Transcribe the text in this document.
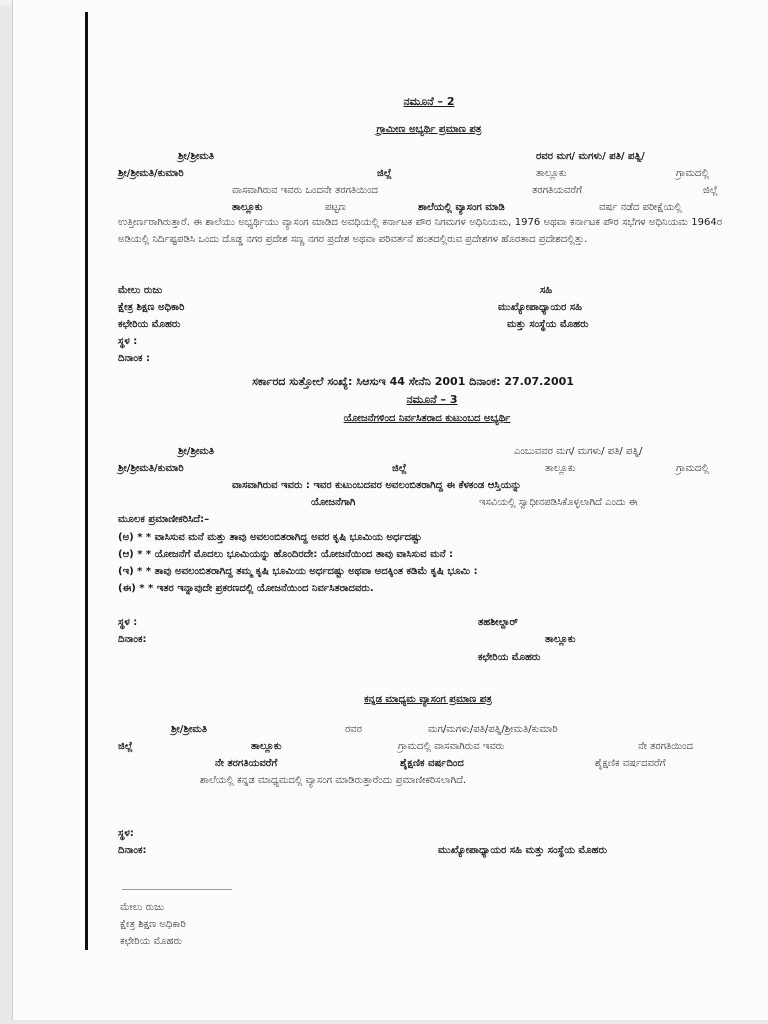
ನಮೂನೆ – 2
ಗ್ರಾಮೀಣ ಅಭ್ಯರ್ಥಿ ಪ್ರಮಾಣ ಪತ್ರ
ಶ್ರೀ/ಶ್ರೀಮತಿ	ರವರ ಮಗ/ ಮಗಳು/ ಪತಿ/ ಪತ್ನಿ/
ಶ್ರೀ/ಶ್ರೀಮತಿ/ಕುಮಾರಿ	ಜಿಲ್ಲೆ	ತಾಲ್ಲೂಕು	ಗ್ರಾಮದಲ್ಲಿ
ವಾಸವಾಗಿರುವ ಇವರು ಒಂದನೇ ತರಗತಿಯಿಂದ	ತರಗತಿಯವರೆಗೆ	ಜಿಲ್ಲೆ
ತಾಲ್ಲೂಕು	ಪಟ್ಟಣ	ಶಾಲೆಯಲ್ಲಿ ವ್ಯಾಸಂಗ ಮಾಡಿ	ವರ್ಷ ನಡೆದ ಪರೀಕ್ಷೆಯಲ್ಲಿ
ಉತ್ತೀರ್ಣರಾಗಿರುತ್ತಾರೆ. ಈ ಶಾಲೆಯು ಅಭ್ಯರ್ಥಿಯು ವ್ಯಾಸಂಗ ಮಾಡಿದ ಅವಧಿಯಲ್ಲಿ ಕರ್ನಾಟಕ ಪೌರ ನಿಗಮಗಳ ಅಧಿನಿಯಮ, 1976 ಅಥವಾ ಕರ್ನಾಟಕ ಪೌರ ಸಭೆಗಳ ಅಧಿನಿಯಮ 1964ರ ಅಡಿಯಲ್ಲಿ ನಿರ್ದಿಷ್ಟಪಡಿಸಿ ಒಂದು ದೊಡ್ಡ ನಗರ ಪ್ರದೇಶ ಸಣ್ಣ ನಗರ ಪ್ರದೇಶ ಅಥವಾ ಪರಿವರ್ತನೆ ಹಂತದಲ್ಲಿರುವ ಪ್ರದೇಶಗಳ ಹೊರತಾದ ಪ್ರದೇಶದಲ್ಲಿತ್ತು.
ಮೇಲು ರುಜು
ಕ್ಷೇತ್ರ ಶಿಕ್ಷಣ ಅಧಿಕಾರಿ
ಕಛೇರಿಯ ಮೊಹರು
ಸಹಿ
ಮುಖ್ಯೋಪಾಧ್ಯಾಯರ ಸಹಿ
ಮತ್ತು ಸಂಸ್ಥೆಯ ಮೊಹರು
ಸ್ಥಳ :
ದಿನಾಂಕ :
ಸರ್ಕಾರದ ಸುತ್ತೋಲೆ ಸಂಖ್ಯೆ: ಸಿಆಸುಇ 44 ಸೇನೆನಿ 2001 ದಿನಾಂಕ: 27.07.2001
ನಮೂನೆ – 3
ಯೋಜನೆಗಳಿಂದ ನಿರ್ವಸಿತರಾದ ಕುಟುಂಬದ ಅಭ್ಯರ್ಥಿ
ಶ್ರೀ/ಶ್ರೀಮತಿ	ಎಂಬುವವರ ಮಗ/ ಮಗಳು/ ಪತಿ/ ಪತ್ನಿ/
ಶ್ರೀ/ಶ್ರೀಮತಿ/ಕುಮಾರಿ	ಜಿಲ್ಲೆ	ತಾಲ್ಲೂಕು	ಗ್ರಾಮದಲ್ಲಿ
ವಾಸವಾಗಿರುವ ಇವರು : ಇವರ ಕುಟುಂಬದವರ ಅವಲಂಬಿತರಾಗಿದ್ದ ಈ ಕೆಳಕಂಡ ಆಸ್ತಿಯನ್ನು
ಯೋಜನೆಗಾಗಿ	ಇಸವಿಯಲ್ಲಿ ಸ್ವಾಧೀನಪಡಿಸಿಕೊಳ್ಳಲಾಗಿದೆ ಎಂದು ಈ
ಮೂಲಕ ಪ್ರಮಾಣೀಕರಿಸಿದೆ:–
(ಅ) * * ವಾಸಿಸುವ ಮನೆ ಮತ್ತು ತಾವು ಅವಲಂಬಿತರಾಗಿದ್ದ ಅವರ ಕೃಷಿ ಭೂಮಿಯ ಅರ್ಧದಷ್ಟು
(ಆ) * * ಯೋಜನೆಗೆ ಮೊದಲು ಭೂಮಿಯನ್ನು ಹೊಂದಿರದೇ: ಯೋಜನೆಯಿಂದ ತಾವು ವಾಸಿಸುವ ಮನೆ :
(ಇ) * * ತಾವು ಅವಲಂಬಿತರಾಗಿದ್ದ ತಮ್ಮ ಕೃಷಿ ಭೂಮಿಯ ಅರ್ಧದಷ್ಟು ಅಥವಾ ಅದಕ್ಕಿಂತ ಕಡಿಮೆ ಕೃಷಿ ಭೂಮಿ :
(ಈ) * * ಇತರ ಇನ್ನಾವುದೇ ಪ್ರಕರಣದಲ್ಲಿ ಯೋಜನೆಯಿಂದ ನಿರ್ವಸಿತರಾದವರು.
ಸ್ಥಳ :
ದಿನಾಂಕ:
ತಹಶೀಲ್ದಾರ್
ತಾಲ್ಲೂಕು
ಕಛೇರಿಯ ಮೊಹರು
ಕನ್ನಡ ಮಾಧ್ಯಮ ವ್ಯಾಸಂಗ ಪ್ರಮಾಣ ಪತ್ರ
ಶ್ರೀ/ಶ್ರೀಮತಿ	ರವರ	ಮಗ/ಮಗಳು/ಪತಿ/ಪತ್ನಿ/ಶ್ರೀಮತಿ/ಕುಮಾರಿ
ಜಿಲ್ಲೆ	ತಾಲ್ಲೂಕು	ಗ್ರಾಮದಲ್ಲಿ ವಾಸವಾಗಿರುವ ಇವರು	ನೇ ತರಗತಿಯಿಂದ
ನೇ ತರಗತಿಯವರೆಗೆ	ಶೈಕ್ಷಣಿಕ ವರ್ಷದಿಂದ	ಶೈಕ್ಷಣಿಕ ವರ್ಷದವರೆಗೆ
ಶಾಲೆಯಲ್ಲಿ ಕನ್ನಡ ಮಾಧ್ಯಮದಲ್ಲಿ ವ್ಯಾಸಂಗ ಮಾಡಿರುತ್ತಾರೆಂದು ಪ್ರಮಾಣೀಕರಿಸಲಾಗಿದೆ.
ಸ್ಥಳ:
ದಿನಾಂಕ:	ಮುಖ್ಯೋಪಾಧ್ಯಾಯರ ಸಹಿ ಮತ್ತು ಸಂಸ್ಥೆಯ ಮೊಹರು
ಮೇಲು ರುಜು
ಕ್ಷೇತ್ರ ಶಿಕ್ಷಣ ಅಧಿಕಾರಿ
ಕಛೇರಿಯ ಮೊಹರು
